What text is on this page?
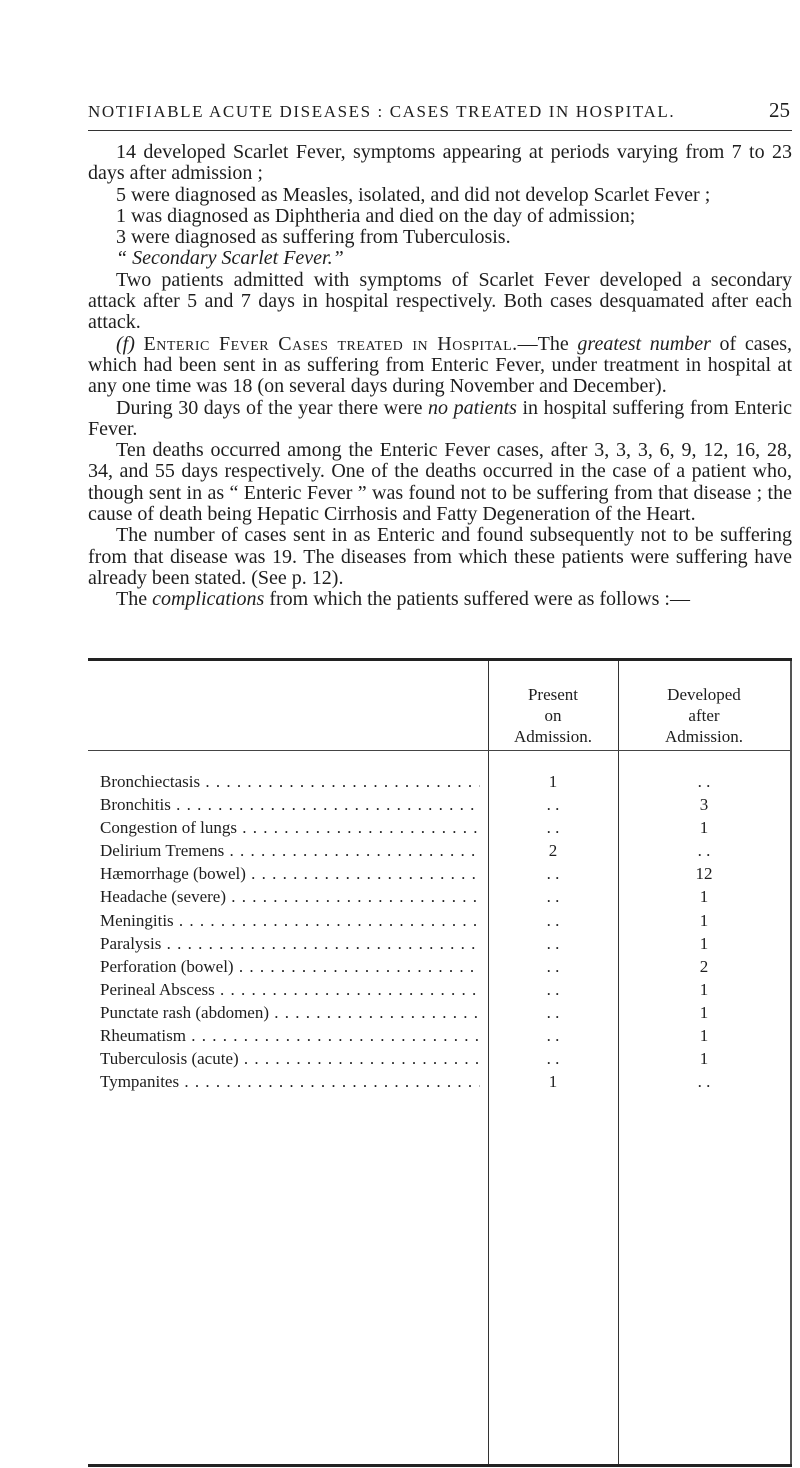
NOTIFIABLE ACUTE DISEASES : CASES TREATED IN HOSPITAL.	25

14 developed Scarlet Fever, symptoms appearing at periods varying from 7 to 23 days after admission ;

5 were diagnosed as Measles, isolated, and did not develop Scarlet Fever ;

1 was diagnosed as Diphtheria and died on the day of admission;

3 were diagnosed as suffering from Tuberculosis.

“ Secondary Scarlet Fever.”

Two patients admitted with symptoms of Scarlet Fever developed a secondary attack after 5 and 7 days in hospital respectively. Both cases desquamated after each attack.

(f) Enteric Fever Cases treated in Hospital.—The greatest number of cases, which had been sent in as suffering from Enteric Fever, under treatment in hospital at any one time was 18 (on several days during November and December).

During 30 days of the year there were no patients in hospital suffering from Enteric Fever.

Ten deaths occurred among the Enteric Fever cases, after 3, 3, 3, 6, 9, 12, 16, 28, 34, and 55 days respectively. One of the deaths occurred in the case of a patient who, though sent in as “ Enteric Fever ” was found not to be suffering from that disease ; the cause of death being Hepatic Cirrhosis and Fatty Degeneration of the Heart.

The number of cases sent in as Enteric and found subsequently not to be suffering from that disease was 19. The diseases from which these patients were suffering have already been stated. (See p. 12).

The complications from which the patients suffered were as follows :—

Present
on
Admission.
Developed
after
Admission.
Bronchiectasis . . .	1	. .
Bronchitis . . .	. .	3
Congestion of lungs . . .	. .	1
Delirium Tremens . . .	2	. .
Hæmorrhage (bowel) . . .	. .	12
Headache (severe) . . .	. .	1
Meningitis . . .	. .	1
Paralysis . . .	. .	1
Perforation (bowel) . . .	. .	2
Perineal Abscess . . .	. .	1
Punctate rash (abdomen) . . .	. .	1
Rheumatism . . .	. .	1
Tuberculosis (acute) . . .	. .	1
Tympanites . . .	1	. .
